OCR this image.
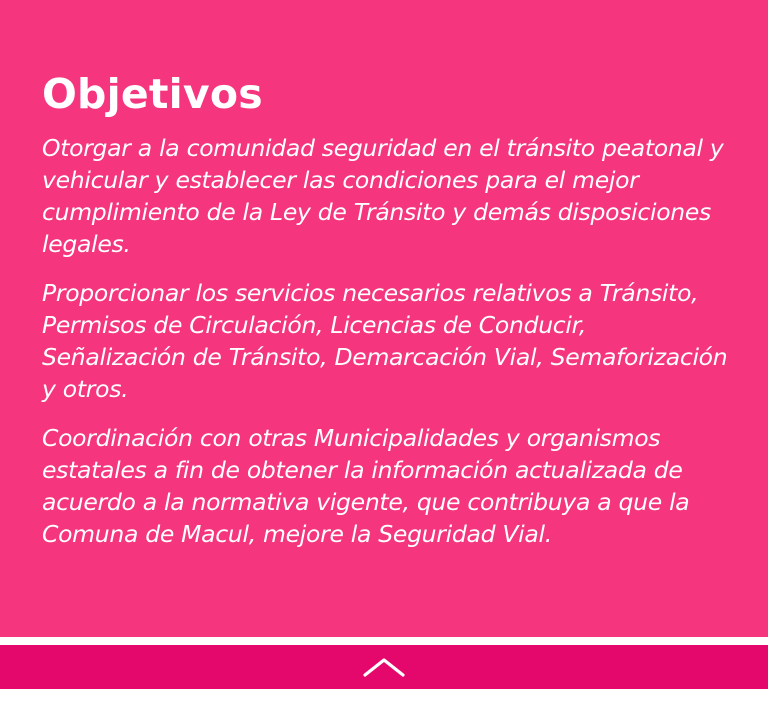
Objetivos

Otorgar a la comunidad seguridad en el tránsito peatonal y vehicular y establecer las condiciones para el mejor cumplimiento de la Ley de Tránsito y demás disposiciones legales.

Proporcionar los servicios necesarios relativos a Tránsito, Permisos de Circulación, Licencias de Conducir, Señalización de Tránsito, Demarcación Vial, Semaforización y otros.

Coordinación con otras Municipalidades y organismos estatales a fin de obtener la información actualizada de acuerdo a la normativa vigente, que contribuya a que la Comuna de Macul, mejore la Seguridad Vial.
